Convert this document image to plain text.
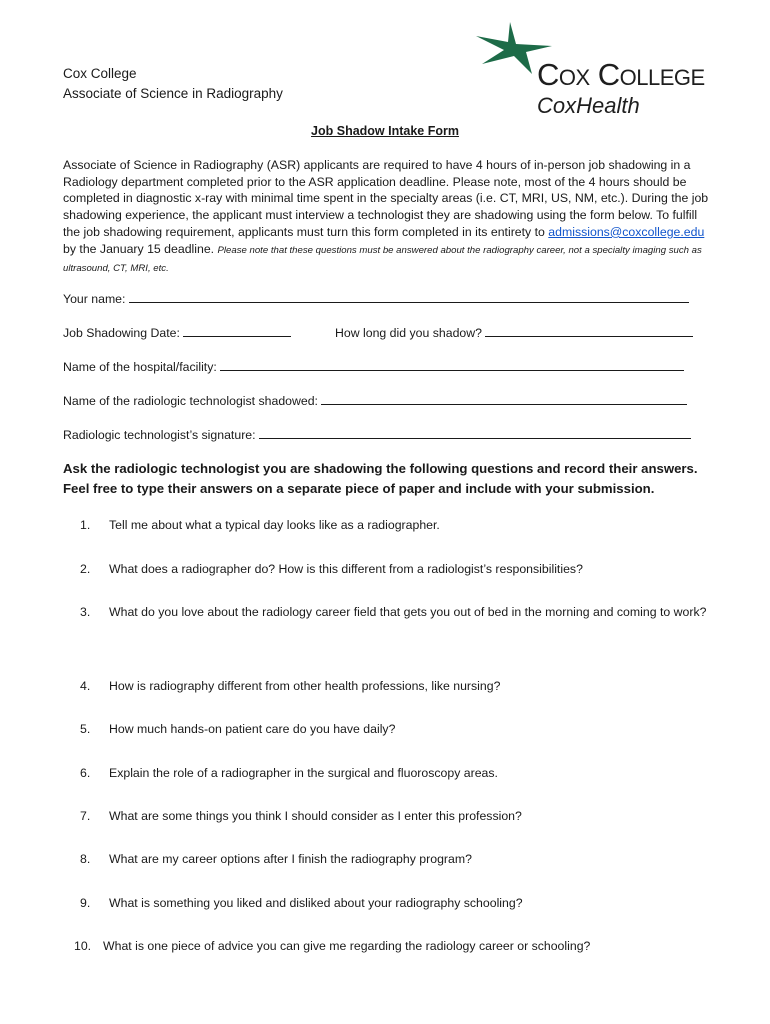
Cox College
Associate of Science in Radiography
Cox College
CoxHealth
Job Shadow Intake Form
Associate of Science in Radiography (ASR) applicants are required to have 4 hours of in-person job shadowing in a Radiology department completed prior to the ASR application deadline. Please note, most of the 4 hours should be completed in diagnostic x-ray with minimal time spent in the specialty areas (i.e. CT, MRI, US, NM, etc.). During the job shadowing experience, the applicant must interview a technologist they are shadowing using the form below. To fulfill the job shadowing requirement, applicants must turn this form completed in its entirety to admissions@coxcollege.edu by the January 15 deadline. Please note that these questions must be answered about the radiography career, not a specialty imaging such as ultrasound, CT, MRI, etc.
Your name:
Job Shadowing Date:	How long did you shadow?
Name of the hospital/facility:
Name of the radiologic technologist shadowed:
Radiologic technologist’s signature:
Ask the radiologic technologist you are shadowing the following questions and record their answers. Feel free to type their answers on a separate piece of paper and include with your submission.
1. Tell me about what a typical day looks like as a radiographer.
2. What does a radiographer do? How is this different from a radiologist’s responsibilities?
3. What do you love about the radiology career field that gets you out of bed in the morning and coming to work?
4. How is radiography different from other health professions, like nursing?
5. How much hands-on patient care do you have daily?
6. Explain the role of a radiographer in the surgical and fluoroscopy areas.
7. What are some things you think I should consider as I enter this profession?
8. What are my career options after I finish the radiography program?
9. What is something you liked and disliked about your radiography schooling?
10. What is one piece of advice you can give me regarding the radiology career or schooling?
